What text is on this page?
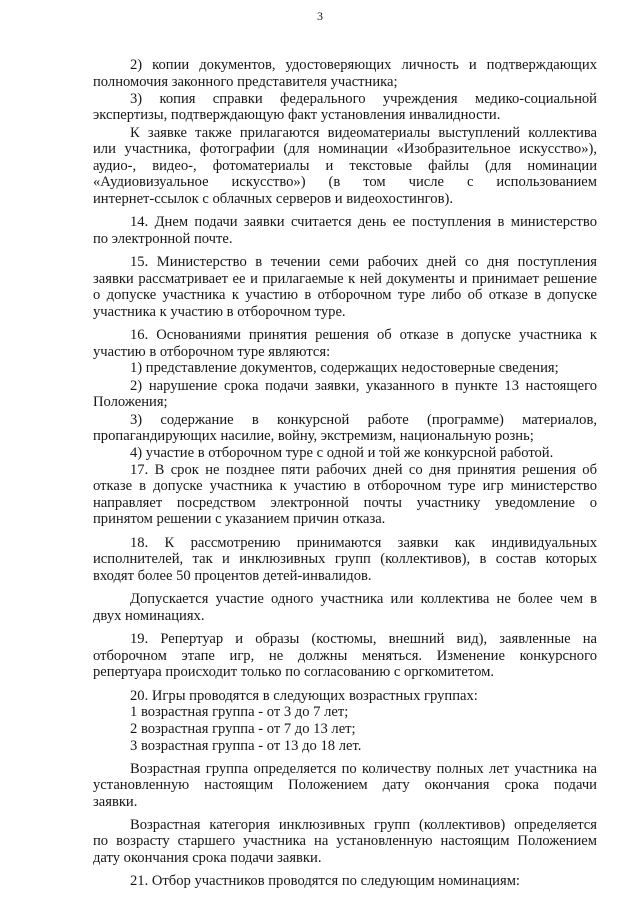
3
2) копии документов, удостоверяющих личность и подтверждающих
полномочия законного представителя участника;
3) копия справки федерального учреждения медико-социальной
экспертизы, подтверждающую факт установления инвалидности.
К заявке также прилагаются видеоматериалы выступлений коллектива
или участника, фотографии (для номинации «Изобразительное искусство»),
аудио-, видео-, фотоматериалы и текстовые файлы (для номинации
«Аудиовизуальное искусство») (в том числе с использованием
интернет-ссылок с облачных серверов и видеохостингов).
14. Днем подачи заявки считается день ее поступления в министерство
по электронной почте.
15. Министерство в течении семи рабочих дней со дня поступления
заявки рассматривает ее и прилагаемые к ней документы и принимает решение
о допуске участника к участию в отборочном туре либо об отказе в допуске
участника к участию в отборочном туре.
16. Основаниями принятия решения об отказе в допуске участника к
участию в отборочном туре являются:
1) представление документов, содержащих недостоверные сведения;
2) нарушение срока подачи заявки, указанного в пункте 13 настоящего
Положения;
3) содержание в конкурсной работе (программе) материалов,
пропагандирующих насилие, войну, экстремизм, национальную рознь;
4) участие в отборочном туре с одной и той же конкурсной работой.
17. В срок не позднее пяти рабочих дней со дня принятия решения об
отказе в допуске участника к участию в отборочном туре игр министерство
направляет посредством электронной почты участнику уведомление о
принятом решении с указанием причин отказа.
18. К рассмотрению принимаются заявки как индивидуальных
исполнителей, так и инклюзивных групп (коллективов), в состав которых
входят более 50 процентов детей-инвалидов.
Допускается участие одного участника или коллектива не более чем в
двух номинациях.
19. Репертуар и образы (костюмы, внешний вид), заявленные на
отборочном этапе игр, не должны меняться. Изменение конкурсного
репертуара происходит только по согласованию с оргкомитетом.
20. Игры проводятся в следующих возрастных группах:
1 возрастная группа - от 3 до 7 лет;
2 возрастная группа - от 7 до 13 лет;
3 возрастная группа - от 13 до 18 лет.
Возрастная группа определяется по количеству полных лет участника на
установленную настоящим Положением дату окончания срока подачи
заявки.
Возрастная категория инклюзивных групп (коллективов) определяется
по возрасту старшего участника на установленную настоящим Положением
дату окончания срока подачи заявки.
21. Отбор участников проводятся по следующим номинациям:
